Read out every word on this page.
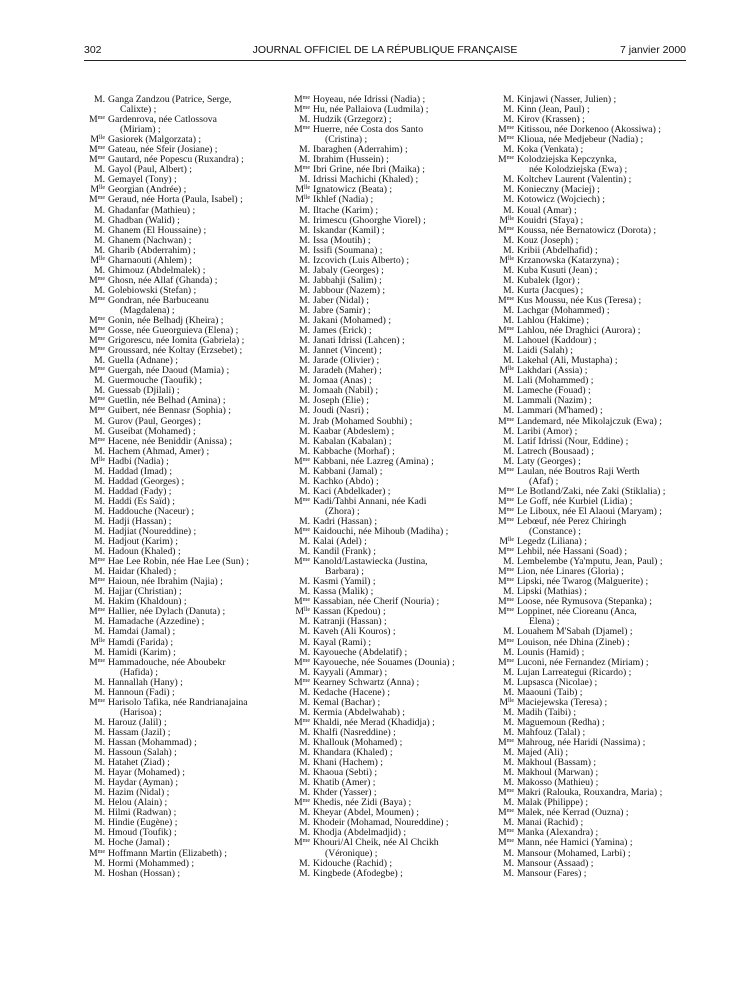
302	JOURNAL OFFICIEL DE LA RÉPUBLIQUE FRANÇAISE	7 janvier 2000
M. Ganga Zandzou (Patrice, Serge,
Calixte) ;
$M^{me}$ Gardenrova, née Catlossova
(Miriam) ;
$M^{lle}$ Gasiorek (Malgorzata) ;
$M^{me}$ Gateau, née Sfeir (Josiane) ;
$M^{me}$ Gautard, née Popescu (Ruxandra) ;
M. Gayol (Paul, Albert) ;
M. Gemayel (Tony) ;
$M^{lle}$ Georgian (Andrée) ;
$M^{me}$ Geraud, née Horta (Paula, Isabel) ;
M. Ghadanfar (Mathieu) ;
M. Ghadban (Walid) ;
M. Ghanem (El Houssaine) ;
M. Ghanem (Nachwan) ;
M. Gharib (Abderrahim) ;
$M^{lle}$ Gharnaouti (Ahlem) ;
M. Ghimouz (Abdelmalek) ;
$M^{me}$ Ghosn, née Allaf (Ghanda) ;
M. Golebiowski (Stefan) ;
$M^{me}$ Gondran, née Barbuceanu
(Magdalena) ;
$M^{me}$ Gonin, née Belhadj (Kheira) ;
$M^{me}$ Gosse, née Gueorguieva (Elena) ;
$M^{me}$ Grigorescu, née Iomita (Gabriela) ;
$M^{me}$ Groussard, née Koltay (Erzsebet) ;
M. Guella (Adnane) ;
$M^{me}$ Guergah, née Daoud (Mamia) ;
M. Guermouche (Taoufik) ;
M. Guessab (Djilali) ;
$M^{me}$ Guetlin, née Belhad (Amina) ;
$M^{me}$ Guibert, née Bennasr (Sophia) ;
M. Gurov (Paul, Georges) ;
M. Guseibat (Mohamed) ;
$M^{me}$ Hacene, née Beniddir (Anissa) ;
M. Hachem (Ahmad, Amer) ;
$M^{lle}$ Hadbi (Nadia) ;
M. Haddad (Imad) ;
M. Haddad (Georges) ;
M. Haddad (Fady) ;
M. Haddi (Es Saïd) ;
M. Haddouche (Naceur) ;
M. Hadji (Hassan) ;
M. Hadjiat (Noureddine) ;
M. Hadjout (Karim) ;
M. Hadoun (Khaled) ;
$M^{me}$ Hae Lee Robin, née Hae Lee (Sun) ;
M. Haidar (Khaled) ;
$M^{me}$ Haioun, née Ibrahim (Najia) ;
M. Hajjar (Christian) ;
M. Hakim (Khaldoun) ;
$M^{me}$ Hallier, née Dylach (Danuta) ;
M. Hamadache (Azzedine) ;
M. Hamdai (Jamal) ;
$M^{lle}$ Hamdi (Farida) ;
M. Hamidi (Karim) ;
$M^{me}$ Hammadouche, née Aboubekr
(Hafida) ;
M. Hannallah (Hany) ;
M. Hannoun (Fadi) ;
$M^{me}$ Harisolo Tafika, née Randrianajaina
(Harisoa) ;
M. Harouz (Jalil) ;
M. Hassam (Jazil) ;
M. Hassan (Mohammad) ;
M. Hassoun (Salah) ;
M. Hatahet (Ziad) ;
M. Hayar (Mohamed) ;
M. Haydar (Ayman) ;
M. Hazim (Nidal) ;
M. Helou (Alain) ;
M. Hilmi (Radwan) ;
M. Hindie (Eugène) ;
M. Hmoud (Toufik) ;
M. Hoche (Jamal) ;
$M^{me}$ Hoffmann Martin (Elizabeth) ;
M. Hormi (Mohammed) ;
M. Hoshan (Hossan) ;
$M^{me}$ Hoyeau, née Idrissi (Nadia) ;
$M^{me}$ Hu, née Pallaiova (Ludmila) ;
M. Hudzik (Grzegorz) ;
$M^{me}$ Huerre, née Costa dos Santo
(Cristina) ;
M. Ibaraghen (Aderrahim) ;
M. Ibrahim (Hussein) ;
$M^{me}$ Ibri Grine, née Ibri (Maika) ;
M. Idrissi Machichi (Khaled) ;
$M^{lle}$ Ignatowicz (Beata) ;
$M^{lle}$ Ikhlef (Nadia) ;
M. Iltache (Karim) ;
M. Irimescu (Ghoorghe Viorel) ;
M. Iskandar (Kamil) ;
M. Issa (Moutih) ;
M. Issifi (Soumana) ;
M. Izcovich (Luis Alberto) ;
M. Jabaly (Georges) ;
M. Jabbahji (Salim) ;
M. Jabbour (Nazem) ;
M. Jaber (Nidal) ;
M. Jabre (Samir) ;
M. Jakani (Mohamed) ;
M. James (Erick) ;
M. Janati Idrissi (Lahcen) ;
M. Jannet (Vincent) ;
M. Jarade (Olivier) ;
M. Jaradeh (Maher) ;
M. Jomaa (Anas) ;
M. Jomaah (Nabil) ;
M. Joseph (Elie) ;
M. Joudi (Nasri) ;
M. Jrab (Mohamed Soubhi) ;
M. Kaabar (Abdeslem) ;
M. Kabalan (Kabalan) ;
M. Kabbache (Morhaf) ;
$M^{me}$ Kabbani, née Lazreg (Amina) ;
M. Kabbani (Jamal) ;
M. Kachko (Abdo) ;
M. Kaci (Abdelkader) ;
$M^{me}$ Kadi/Tahbi Annani, née Kadi
(Zhora) ;
M. Kadri (Hassan) ;
$M^{me}$ Kaidouchi, née Mihoub (Madiha) ;
M. Kalai (Adel) ;
M. Kandil (Frank) ;
$M^{me}$ Kanold/Lastawiecka (Justina,
Barbara) ;
M. Kasmi (Yamil) ;
M. Kassa (Malik) ;
$M^{me}$ Kassabian, née Cherif (Nouria) ;
$M^{lle}$ Kassan (Kpedou) ;
M. Katranji (Hassan) ;
M. Kaveh (Ali Kouros) ;
M. Kayal (Rami) ;
M. Kayoueche (Abdelatif) ;
$M^{me}$ Kayoueche, née Souames (Dounia) ;
M. Kayyali (Ammar) ;
$M^{me}$ Kearney Schwartz (Anna) ;
M. Kedache (Hacene) ;
M. Kemal (Bachar) ;
M. Kermia (Abdelwahab) ;
$M^{me}$ Khaldi, née Merad (Khadidja) ;
M. Khalfi (Nasreddine) ;
M. Khallouk (Mohamed) ;
M. Khandara (Khaled) ;
M. Khani (Hachem) ;
M. Khaoua (Sebti) ;
M. Khatib (Amer) ;
M. Khder (Yasser) ;
$M^{me}$ Khedis, née Zidi (Baya) ;
M. Kheyar (Abdel, Moumen) ;
M. Khodeir (Mohamad, Noureddine) ;
M. Khodja (Abdelmadjid) ;
$M^{me}$ Khouri/Al Cheik, née Al Chcikh
(Véronique) ;
M. Kidouche (Rachid) ;
M. Kingbede (Afodegbe) ;
M. Kinjawi (Nasser, Julien) ;
M. Kinn (Jean, Paul) ;
M. Kirov (Krassen) ;
$M^{me}$ Kitissou, née Dorkenoo (Akossiwa) ;
$M^{me}$ Klioua, née Medjebeur (Nadia) ;
M. Koka (Venkata) ;
$M^{me}$ Kolodziejska Kepczynka,
née Kolodziejska (Ewa) ;
M. Koltchev Laurent (Valentin) ;
M. Konieczny (Maciej) ;
M. Kotowicz (Wojciech) ;
M. Koual (Amar) ;
$M^{lle}$ Kouidri (Sfaya) ;
$M^{me}$ Koussa, née Bernatowicz (Dorota) ;
M. Kouz (Joseph) ;
M. Kribii (Abdelhafid) ;
$M^{lle}$ Krzanowska (Katarzyna) ;
M. Kuba Kusuti (Jean) ;
M. Kubalek (Igor) ;
M. Kurta (Jacques) ;
$M^{me}$ Kus Moussu, née Kus (Teresa) ;
M. Lachgar (Mohammed) ;
M. Lahlou (Hakime) ;
$M^{me}$ Lahlou, née Draghici (Aurora) ;
M. Lahouel (Kaddour) ;
M. Laidi (Salah) ;
M. Lakehal (Ali, Mustapha) ;
$M^{lle}$ Lakhdari (Assia) ;
M. Lali (Mohammed) ;
M. Lameche (Fouad) ;
M. Lammali (Nazim) ;
M. Lammari (M'hamed) ;
$M^{me}$ Landemard, née Mikolajczuk (Ewa) ;
M. Laribi (Amor) ;
M. Latif Idrissi (Nour, Eddine) ;
M. Latrech (Bousaad) ;
M. Laty (Georges) ;
$M^{me}$ Laulan, née Boutros Raji Werth
(Afaf) ;
$M^{me}$ Le Botland/Zaki, née Zaki (Stiklalia) ;
$M^{me}$ Le Goff, née Kurbiel (Lidia) ;
$M^{me}$ Le Liboux, née El Alaoui (Maryam) ;
$M^{me}$ Lebœuf, née Perez Chiringh
(Constance) ;
$M^{lle}$ Legedz (Liliana) ;
$M^{me}$ Lehbil, née Hassani (Soad) ;
M. Lembelembe (Ya'mputu, Jean, Paul) ;
$M^{me}$ Lion, née Linares (Gloria) ;
$M^{me}$ Lipski, née Twarog (Malguerite) ;
M. Lipski (Mathias) ;
$M^{me}$ Loose, née Rymusova (Stepanka) ;
$M^{me}$ Loppinet, née Cioreanu (Anca,
Elena) ;
M. Louahem M'Sabah (Djamel) ;
$M^{me}$ Louison, née Dhina (Zineb) ;
M. Lounis (Hamid) ;
$M^{me}$ Luconi, née Fernandez (Miriam) ;
M. Lujan Larreategui (Ricardo) ;
M. Lupsasca (Nicolae) ;
M. Maaouni (Taib) ;
$M^{lle}$ Maciejewska (Teresa) ;
M. Madih (Taibi) ;
M. Maguemoun (Redha) ;
M. Mahfouz (Talal) ;
$M^{me}$ Mahroug, née Haridi (Nassima) ;
M. Majed (Ali) ;
M. Makhoul (Bassam) ;
M. Makhoul (Marwan) ;
M. Makosso (Mathieu) ;
$M^{me}$ Makri (Ralouka, Rouxandra, Maria) ;
M. Malak (Philippe) ;
$M^{me}$ Malek, née Kerrad (Ouzna) ;
M. Manai (Rachid) ;
$M^{me}$ Manka (Alexandra) ;
$M^{me}$ Mann, née Hamici (Yamina) ;
M. Mansour (Mohamed, Larbi) ;
M. Mansour (Assaad) ;
M. Mansour (Fares) ;
